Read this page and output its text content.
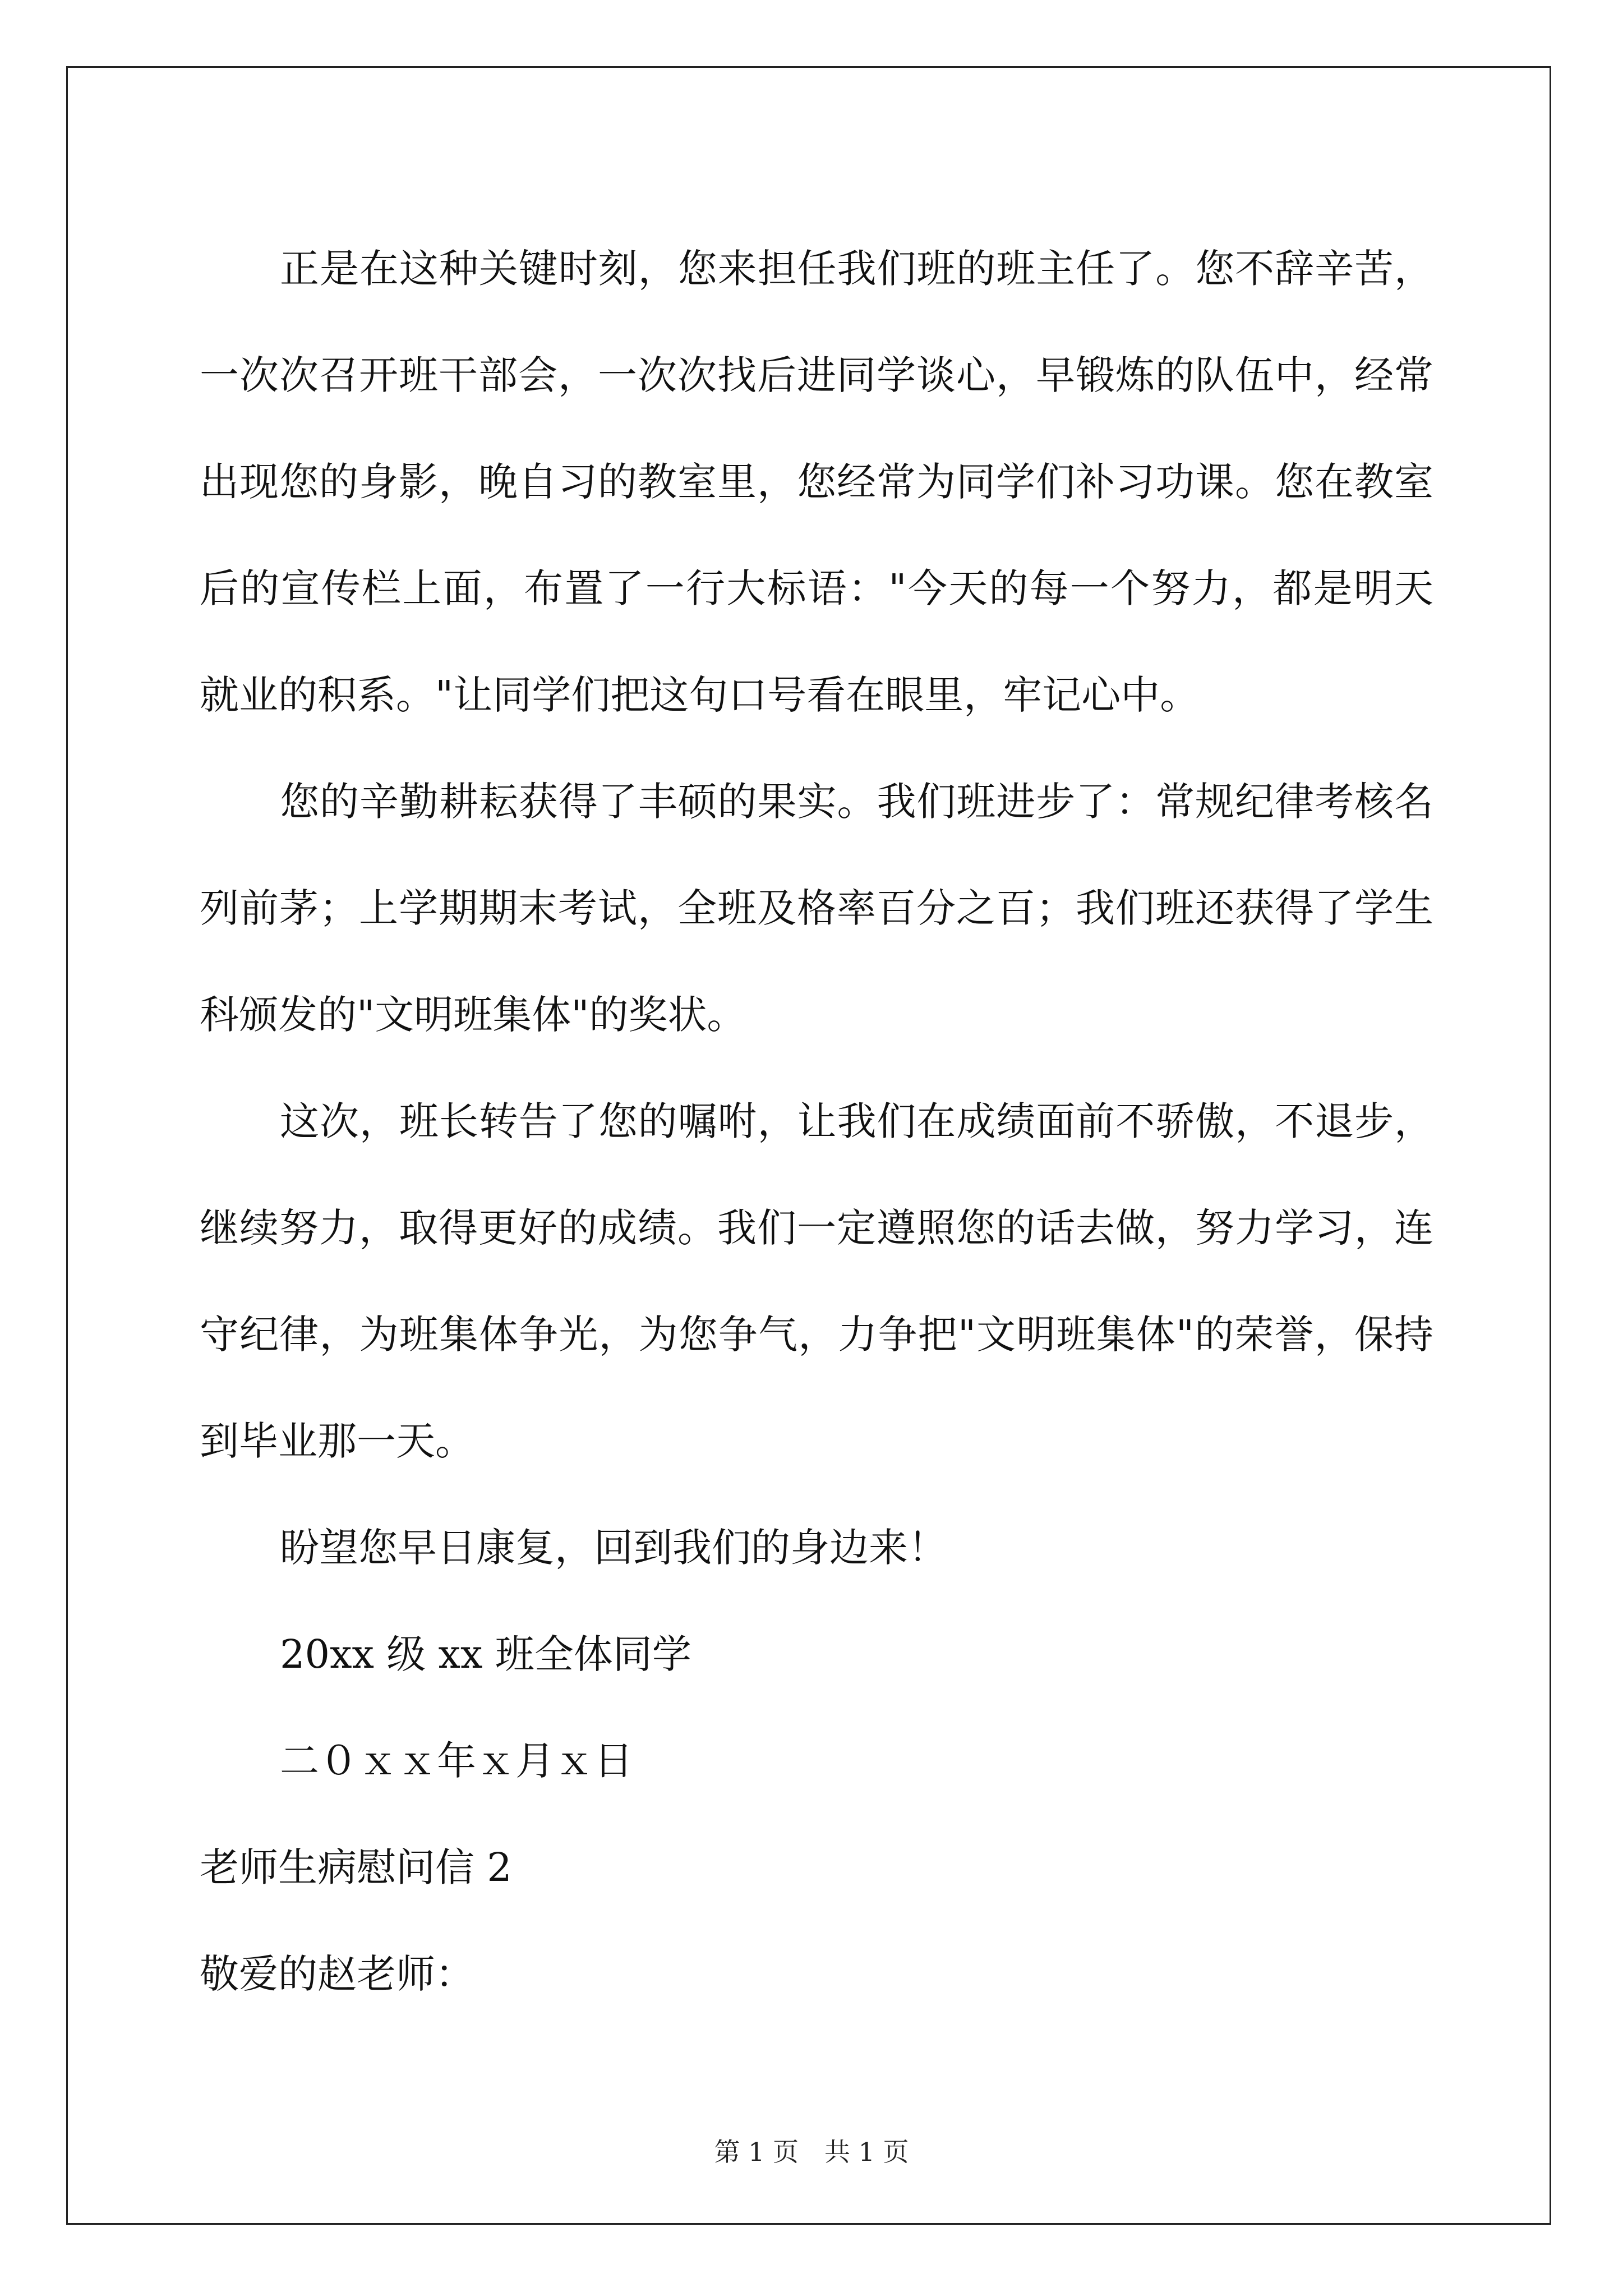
正是在这种关键时刻，您来担任我们班的班主任了。您不辞辛苦，一次次召开班干部会，一次次找后进同学谈心，早锻炼的队伍中，经常出现您的身影，晚自习的教室里，您经常为同学们补习功课。您在教室后的宣传栏上面，布置了一行大标语："今天的每一个努力，都是明天就业的积系。"让同学们把这句口号看在眼里，牢记心中。

您的辛勤耕耘获得了丰硕的果实。我们班进步了：常规纪律考核名列前茅；上学期期末考试，全班及格率百分之百；我们班还获得了学生科颁发的"文明班集体"的奖状。

这次，班长转告了您的嘱咐，让我们在成绩面前不骄傲，不退步，继续努力，取得更好的成绩。我们一定遵照您的话去做，努力学习，连守纪律，为班集体争光，为您争气，力争把"文明班集体"的荣誉，保持到毕业那一天。

盼望您早日康复，回到我们的身边来！

20xx 级 xx 班全体同学

二０ｘｘ年ｘ月ｘ日

老师生病慰问信 2

敬爱的赵老师：

第 1 页　共 1 页
